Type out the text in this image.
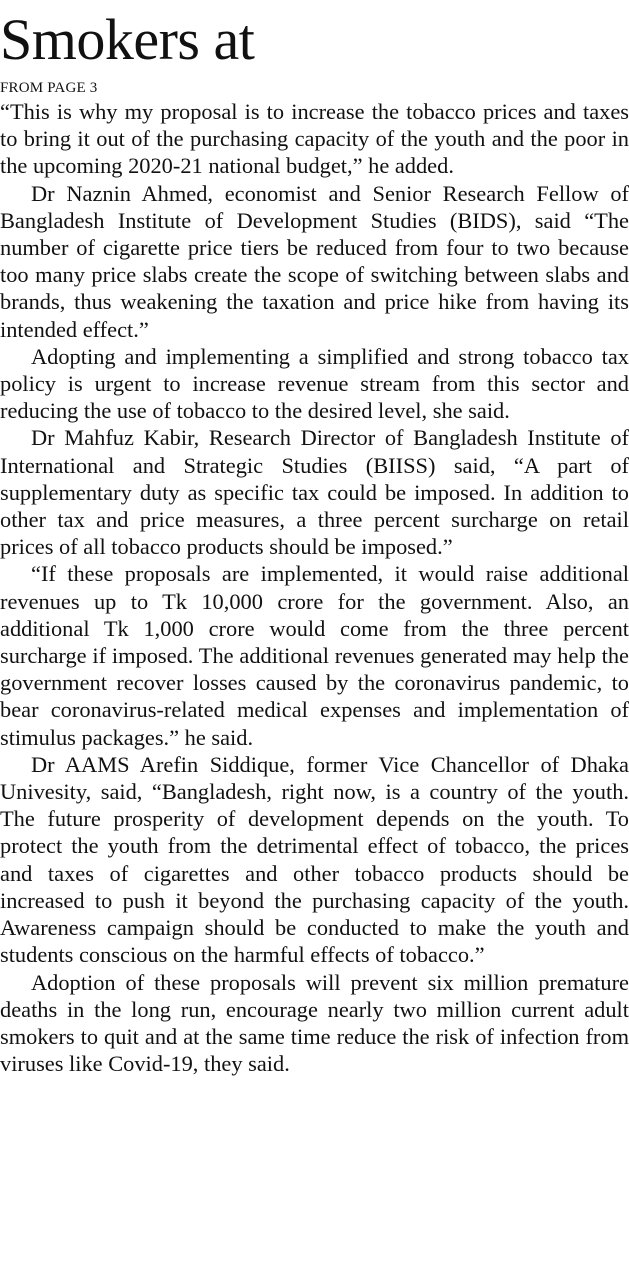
Smokers at
FROM PAGE 3

“This is why my proposal is to increase the tobacco prices and taxes to bring it out of the purchasing capacity of the youth and the poor in the upcoming 2020-21 national budget,” he added.

Dr Naznin Ahmed, economist and Senior Research Fellow of Bangladesh Institute of Development Studies (BIDS), said “The number of cigarette price tiers be reduced from four to two because too many price slabs create the scope of switching between slabs and brands, thus weakening the taxation and price hike from having its intended effect.”

Adopting and implementing a simplified and strong tobacco tax policy is urgent to increase revenue stream from this sector and reducing the use of tobacco to the desired level, she said.

Dr Mahfuz Kabir, Research Director of Bangladesh Institute of International and Strategic Studies (BIISS) said, “A part of supplementary duty as specific tax could be imposed. In addition to other tax and price measures, a three percent surcharge on retail prices of all tobacco products should be imposed.”

“If these proposals are implemented, it would raise additional revenues up to Tk 10,000 crore for the government. Also, an additional Tk 1,000 crore would come from the three percent surcharge if imposed. The additional revenues generated may help the government recover losses caused by the coronavirus pandemic, to bear coronavirus-related medical expenses and implementation of stimulus packages.” he said.

Dr AAMS Arefin Siddique, former Vice Chancellor of Dhaka Univesity, said, “Bangladesh, right now, is a country of the youth. The future prosperity of development depends on the youth. To protect the youth from the detrimental effect of tobacco, the prices and taxes of cigarettes and other tobacco products should be increased to push it beyond the purchasing capacity of the youth. Awareness campaign should be conducted to make the youth and students conscious on the harmful effects of tobacco.”

Adoption of these proposals will prevent six million premature deaths in the long run, encourage nearly two million current adult smokers to quit and at the same time reduce the risk of infection from viruses like Covid-19, they said.
